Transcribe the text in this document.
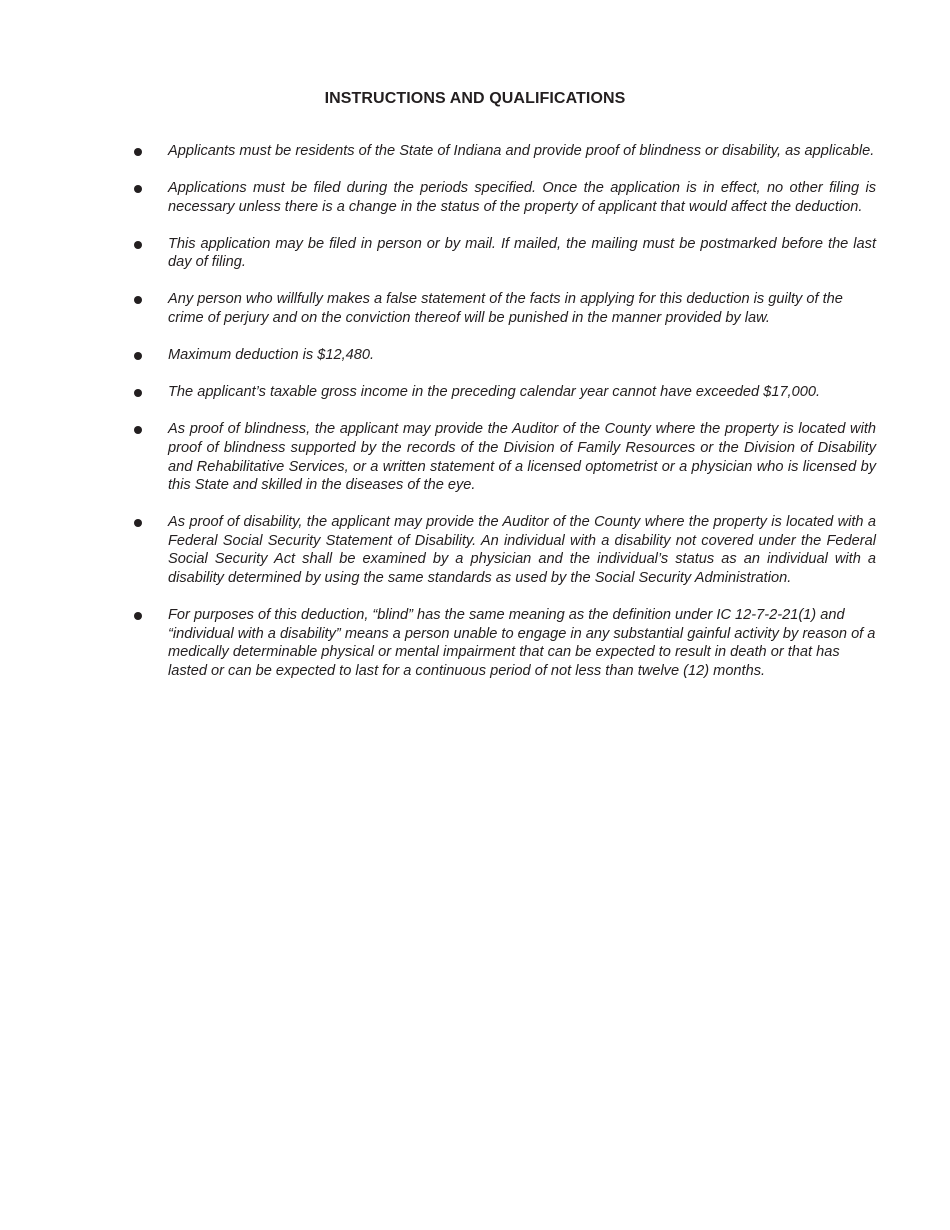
INSTRUCTIONS AND QUALIFICATIONS
Applicants must be residents of the State of Indiana and provide proof of blindness or disability, as applicable.
Applications must be filed during the periods specified. Once the application is in effect, no other filing is necessary unless there is a change in the status of the property of applicant that would affect the deduction.
This application may be filed in person or by mail. If mailed, the mailing must be postmarked before the last day of filing.
Any person who willfully makes a false statement of the facts in applying for this deduction is guilty of the crime of perjury and on the conviction thereof will be punished in the manner provided by law.
Maximum deduction is $12,480.
The applicant’s taxable gross income in the preceding calendar year cannot have exceeded $17,000.
As proof of blindness, the applicant may provide the Auditor of the County where the property is located with proof of blindness supported by the records of the Division of Family Resources or the Division of Disability and Rehabilitative Services, or a written statement of a licensed optometrist or a physician who is licensed by this State and skilled in the diseases of the eye.
As proof of disability, the applicant may provide the Auditor of the County where the property is located with a Federal Social Security Statement of Disability. An individual with a disability not covered under the Federal Social Security Act shall be examined by a physician and the individual’s status as an individual with a disability determined by using the same standards as used by the Social Security Administration.
For purposes of this deduction, “blind” has the same meaning as the definition under IC 12-7-2-21(1) and “individual with a disability” means a person unable to engage in any substantial gainful activity by reason of a medically determinable physical or mental impairment that can be expected to result in death or that has lasted or can be expected to last for a continuous period of not less than twelve (12) months.
